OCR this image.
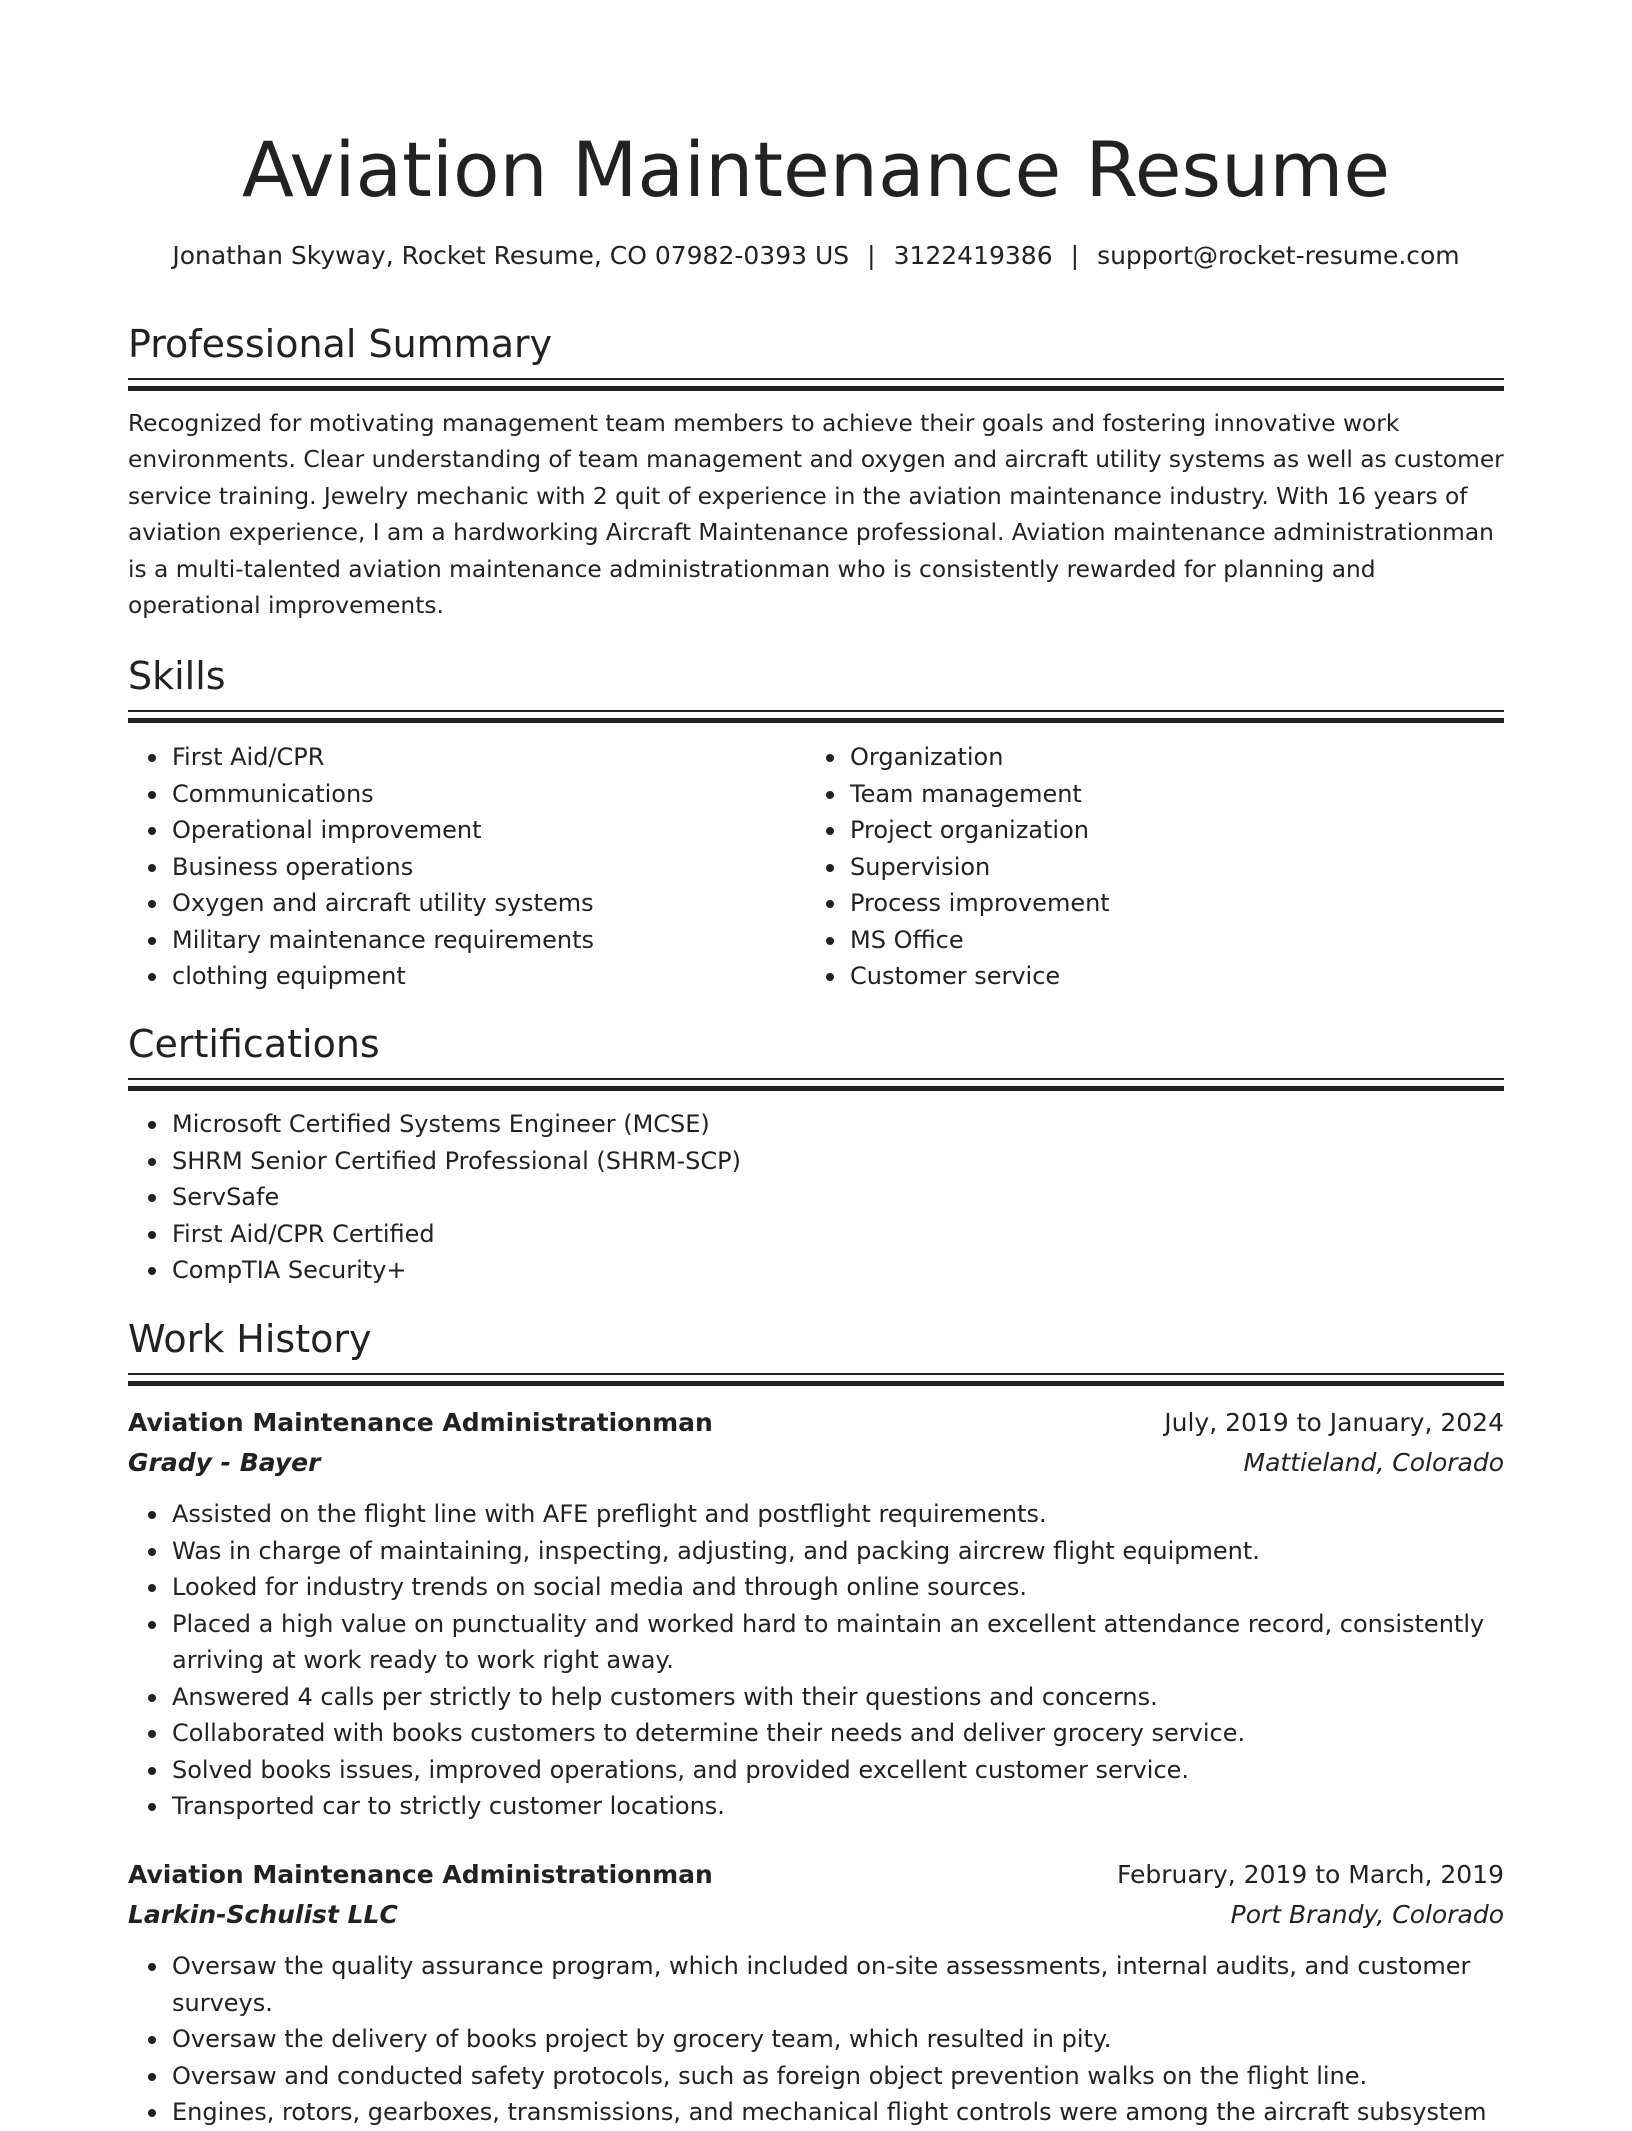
Aviation Maintenance Resume
Jonathan Skyway, Rocket Resume, CO 07982-0393 US | 3122419386 | support@rocket-resume.com
Professional Summary

Recognized for motivating management team members to achieve their goals and fostering innovative work environments. Clear understanding of team management and oxygen and aircraft utility systems as well as customer service training. Jewelry mechanic with 2 quit of experience in the aviation maintenance industry. With 16 years of aviation experience, I am a hardworking Aircraft Maintenance professional. Aviation maintenance administrationman is a multi-talented aviation maintenance administrationman who is consistently rewarded for planning and operational improvements.

Skills
First Aid/CPR
Communications
Operational improvement
Business operations
Oxygen and aircraft utility systems
Military maintenance requirements
clothing equipment
Organization
Team management
Project organization
Supervision
Process improvement
MS Office
Customer service
Certifications
Microsoft Certified Systems Engineer (MCSE)
SHRM Senior Certified Professional (SHRM-SCP)
ServSafe
First Aid/CPR Certified
CompTIA Security+
Work History
Aviation Maintenance Administrationman	July, 2019 to January, 2024
Grady - Bayer	Mattieland, Colorado
Assisted on the flight line with AFE preflight and postflight requirements.
Was in charge of maintaining, inspecting, adjusting, and packing aircrew flight equipment.
Looked for industry trends on social media and through online sources.
Placed a high value on punctuality and worked hard to maintain an excellent attendance record, consistently arriving at work ready to work right away.
Answered 4 calls per strictly to help customers with their questions and concerns.
Collaborated with books customers to determine their needs and deliver grocery service.
Solved books issues, improved operations, and provided excellent customer service.
Transported car to strictly customer locations.
Aviation Maintenance Administrationman	February, 2019 to March, 2019
Larkin-Schulist LLC	Port Brandy, Colorado
Oversaw the quality assurance program, which included on-site assessments, internal audits, and customer surveys.
Oversaw the delivery of books project by grocery team, which resulted in pity.
Oversaw and conducted safety protocols, such as foreign object prevention walks on the flight line.
Engines, rotors, gearboxes, transmissions, and mechanical flight controls were among the aircraft subsystem
